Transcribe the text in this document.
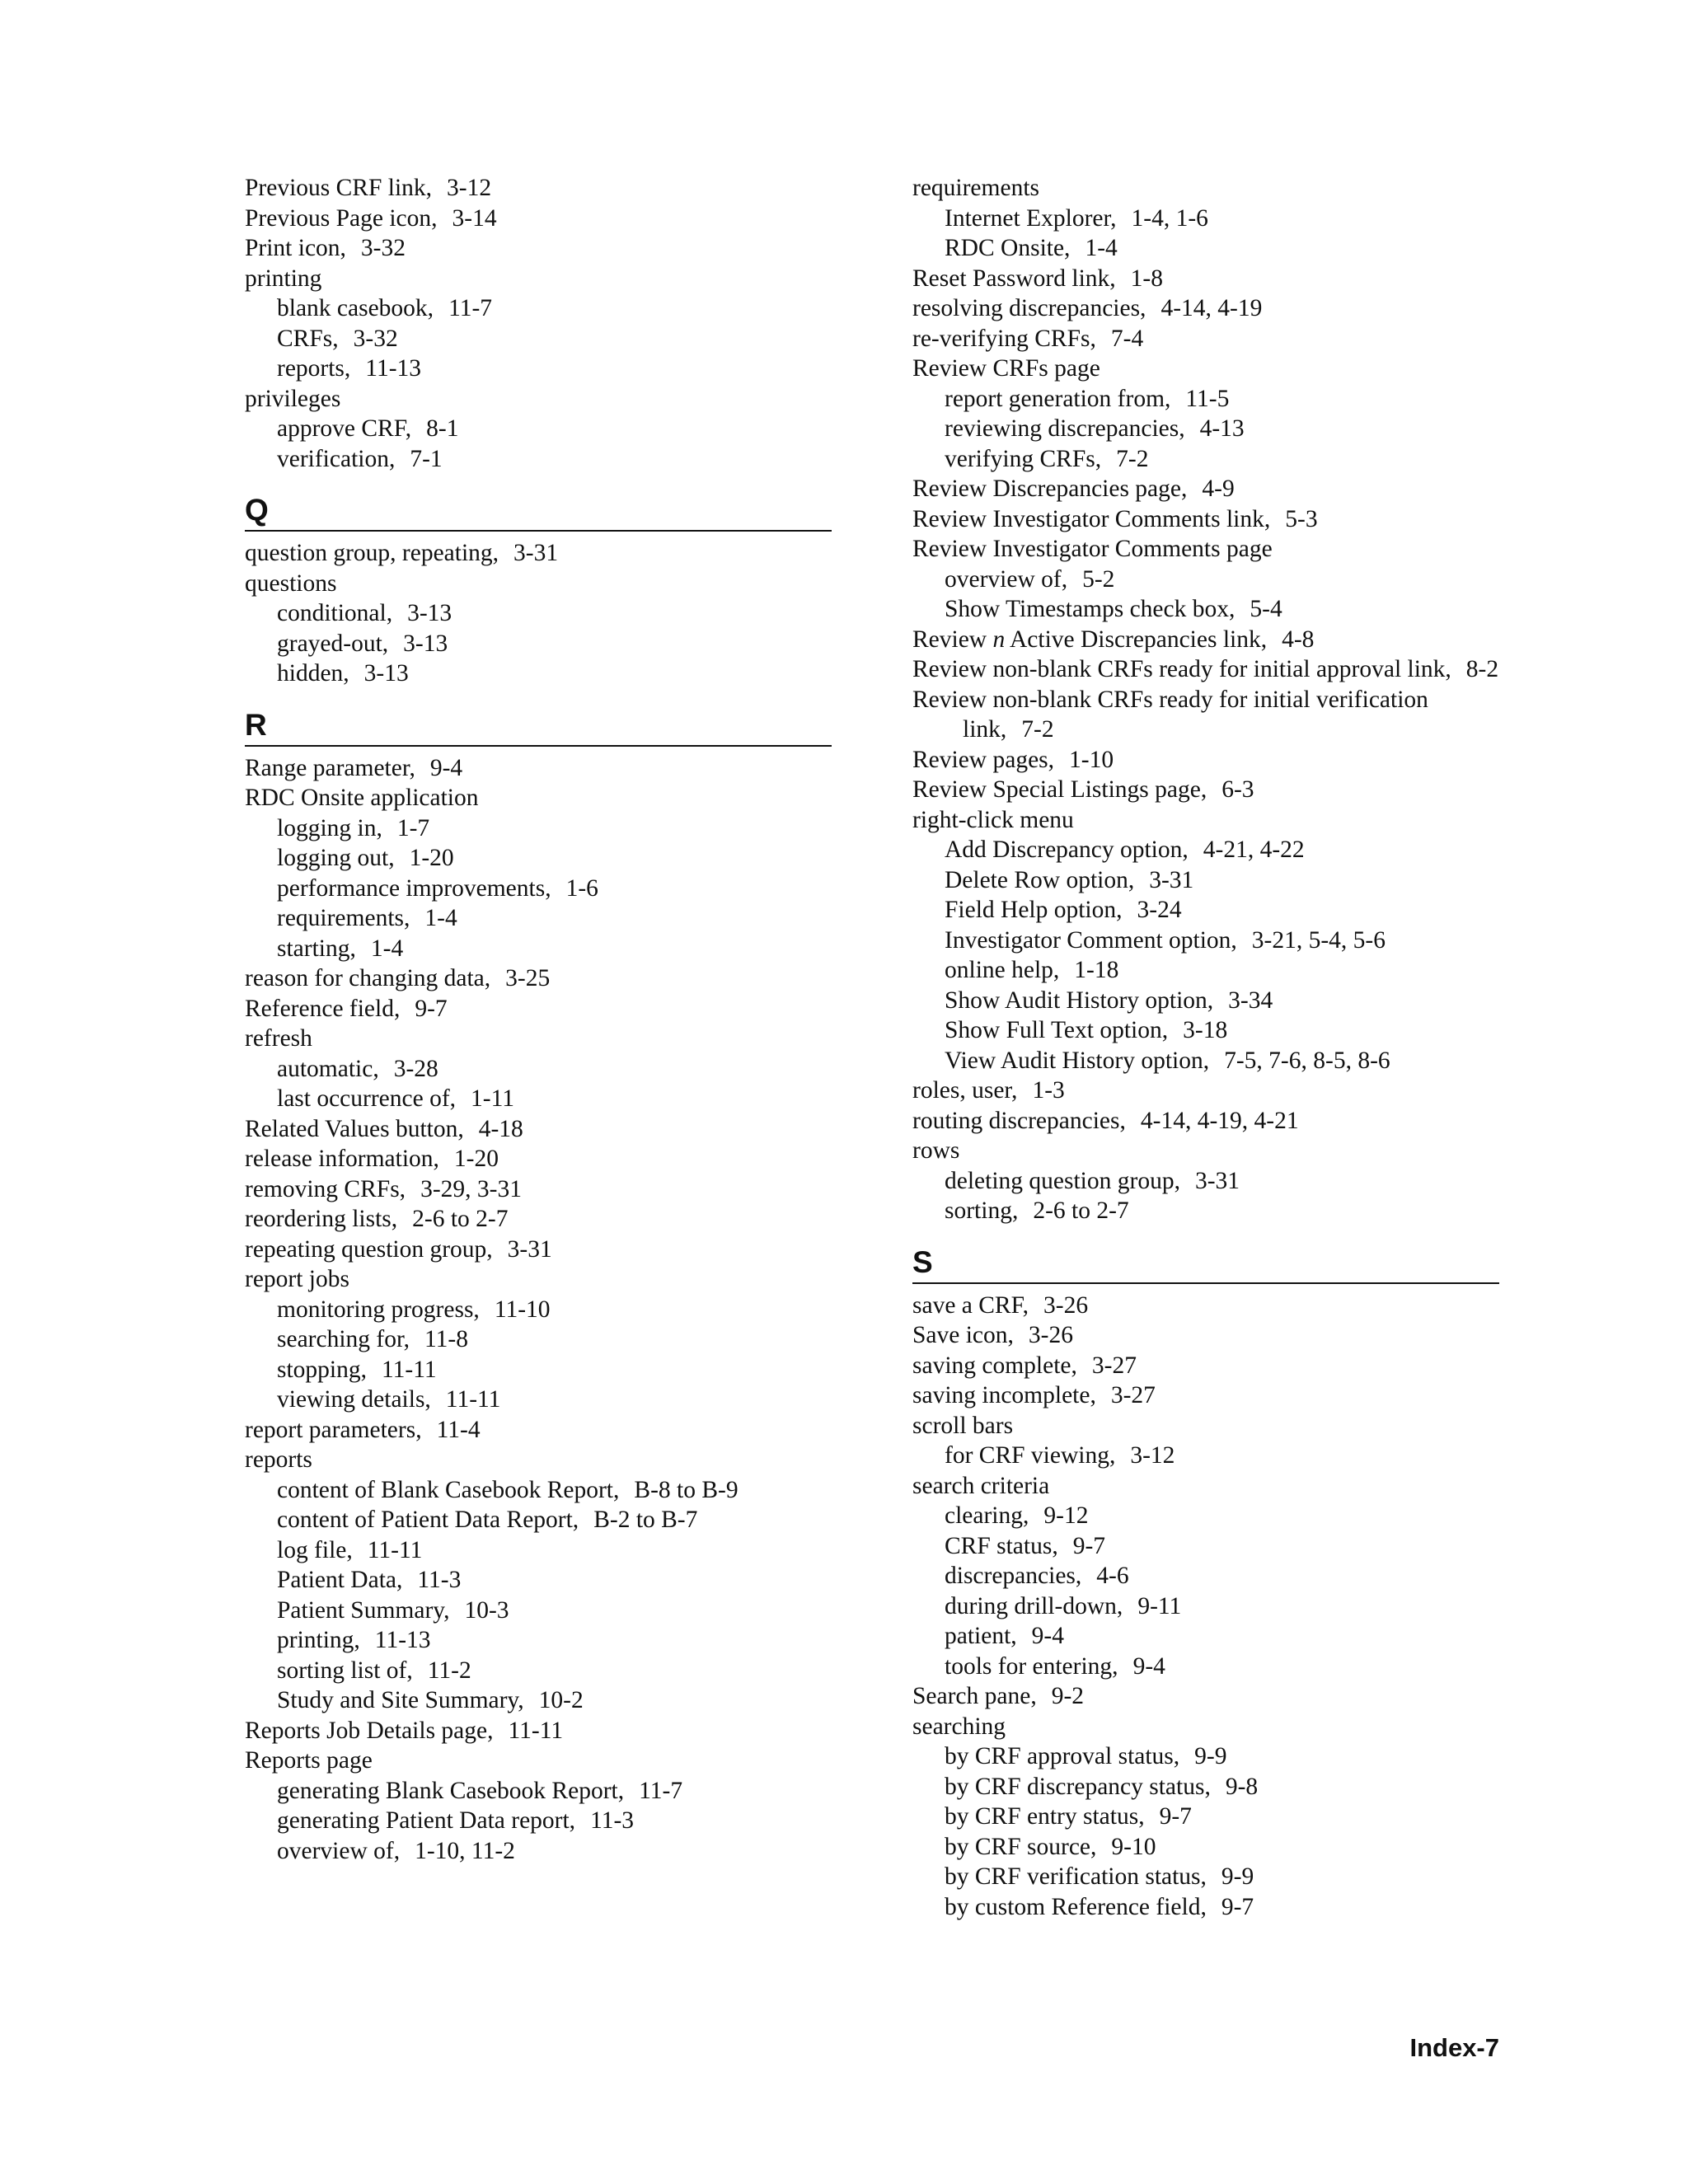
Previous CRF link, 3-12
Previous Page icon, 3-14
Print icon, 3-32
printing
blank casebook, 11-7
CRFs, 3-32
reports, 11-13
privileges
approve CRF, 8-1
verification, 7-1
Q
question group, repeating, 3-31
questions
conditional, 3-13
grayed-out, 3-13
hidden, 3-13
R
Range parameter, 9-4
RDC Onsite application
logging in, 1-7
logging out, 1-20
performance improvements, 1-6
requirements, 1-4
starting, 1-4
reason for changing data, 3-25
Reference field, 9-7
refresh
automatic, 3-28
last occurrence of, 1-11
Related Values button, 4-18
release information, 1-20
removing CRFs, 3-29, 3-31
reordering lists, 2-6 to 2-7
repeating question group, 3-31
report jobs
monitoring progress, 11-10
searching for, 11-8
stopping, 11-11
viewing details, 11-11
report parameters, 11-4
reports
content of Blank Casebook Report, B-8 to B-9
content of Patient Data Report, B-2 to B-7
log file, 11-11
Patient Data, 11-3
Patient Summary, 10-3
printing, 11-13
sorting list of, 11-2
Study and Site Summary, 10-2
Reports Job Details page, 11-11
Reports page
generating Blank Casebook Report, 11-7
generating Patient Data report, 11-3
overview of, 1-10, 11-2
requirements
Internet Explorer, 1-4, 1-6
RDC Onsite, 1-4
Reset Password link, 1-8
resolving discrepancies, 4-14, 4-19
re-verifying CRFs, 7-4
Review CRFs page
report generation from, 11-5
reviewing discrepancies, 4-13
verifying CRFs, 7-2
Review Discrepancies page, 4-9
Review Investigator Comments link, 5-3
Review Investigator Comments page
overview of, 5-2
Show Timestamps check box, 5-4
Review n Active Discrepancies link, 4-8
Review non-blank CRFs ready for initial approval link, 8-2
Review non-blank CRFs ready for initial verification link, 7-2
Review pages, 1-10
Review Special Listings page, 6-3
right-click menu
Add Discrepancy option, 4-21, 4-22
Delete Row option, 3-31
Field Help option, 3-24
Investigator Comment option, 3-21, 5-4, 5-6
online help, 1-18
Show Audit History option, 3-34
Show Full Text option, 3-18
View Audit History option, 7-5, 7-6, 8-5, 8-6
roles, user, 1-3
routing discrepancies, 4-14, 4-19, 4-21
rows
deleting question group, 3-31
sorting, 2-6 to 2-7
S
save a CRF, 3-26
Save icon, 3-26
saving complete, 3-27
saving incomplete, 3-27
scroll bars
for CRF viewing, 3-12
search criteria
clearing, 9-12
CRF status, 9-7
discrepancies, 4-6
during drill-down, 9-11
patient, 9-4
tools for entering, 9-4
Search pane, 9-2
searching
by CRF approval status, 9-9
by CRF discrepancy status, 9-8
by CRF entry status, 9-7
by CRF source, 9-10
by CRF verification status, 9-9
by custom Reference field, 9-7
Index-7
